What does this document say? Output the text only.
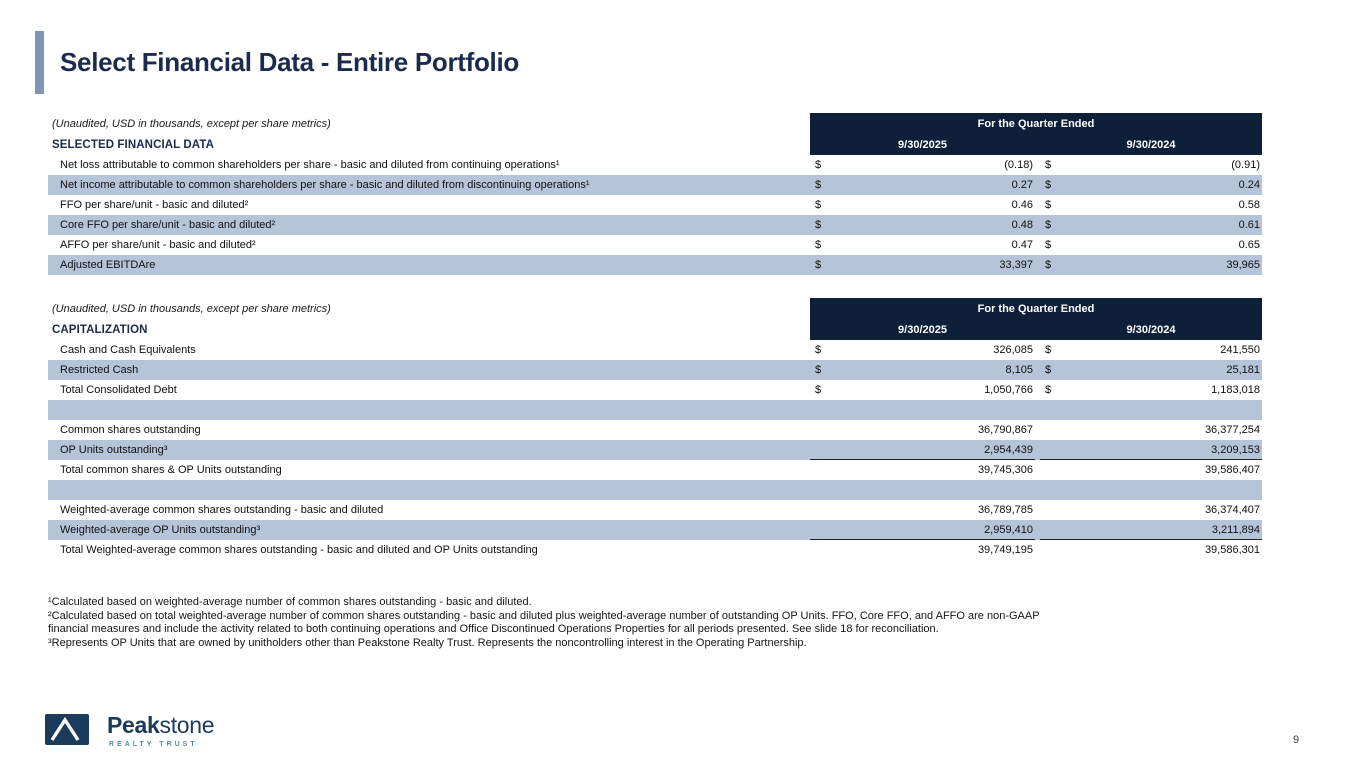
Select Financial Data - Entire Portfolio
(Unaudited, USD in thousands, except per share metrics)	For the Quarter Ended
SELECTED FINANCIAL DATA	9/30/2025	9/30/2024
Net loss attributable to common shareholders per share - basic and diluted from continuing operations¹	$	(0.18)	$	(0.91)
Net income attributable to common shareholders per share - basic and diluted from discontinuing operations¹	$	0.27	$	0.24
FFO per share/unit - basic and diluted²	$	0.46	$	0.58
Core FFO per share/unit - basic and diluted²	$	0.48	$	0.61
AFFO per share/unit - basic and diluted²	$	0.47	$	0.65
Adjusted EBITDAre	$	33,397	$	39,965
(Unaudited, USD in thousands, except per share metrics)	For the Quarter Ended
CAPITALIZATION	9/30/2025	9/30/2024
Cash and Cash Equivalents	$	326,085	$	241,550
Restricted Cash	$	8,105	$	25,181
Total Consolidated Debt	$	1,050,766	$	1,183,018
Common shares outstanding	36,790,867	36,377,254
OP Units outstanding³	2,954,439	3,209,153
Total common shares & OP Units outstanding	39,745,306	39,586,407
Weighted-average common shares outstanding - basic and diluted	36,789,785	36,374,407
Weighted-average OP Units outstanding³	2,959,410	3,211,894
Total Weighted-average common shares outstanding - basic and diluted and OP Units outstanding	39,749,195	39,586,301
¹Calculated based on weighted-average number of common shares outstanding - basic and diluted.
²Calculated based on total weighted-average number of common shares outstanding - basic and diluted plus weighted-average number of outstanding OP Units. FFO, Core FFO, and AFFO are non-GAAP financial measures and include the activity related to both continuing operations and Office Discontinued Operations Properties for all periods presented. See slide 18 for reconciliation.
³Represents OP Units that are owned by unitholders other than Peakstone Realty Trust. Represents the noncontrolling interest in the Operating Partnership.
Peakstone
REALTY TRUST	9
